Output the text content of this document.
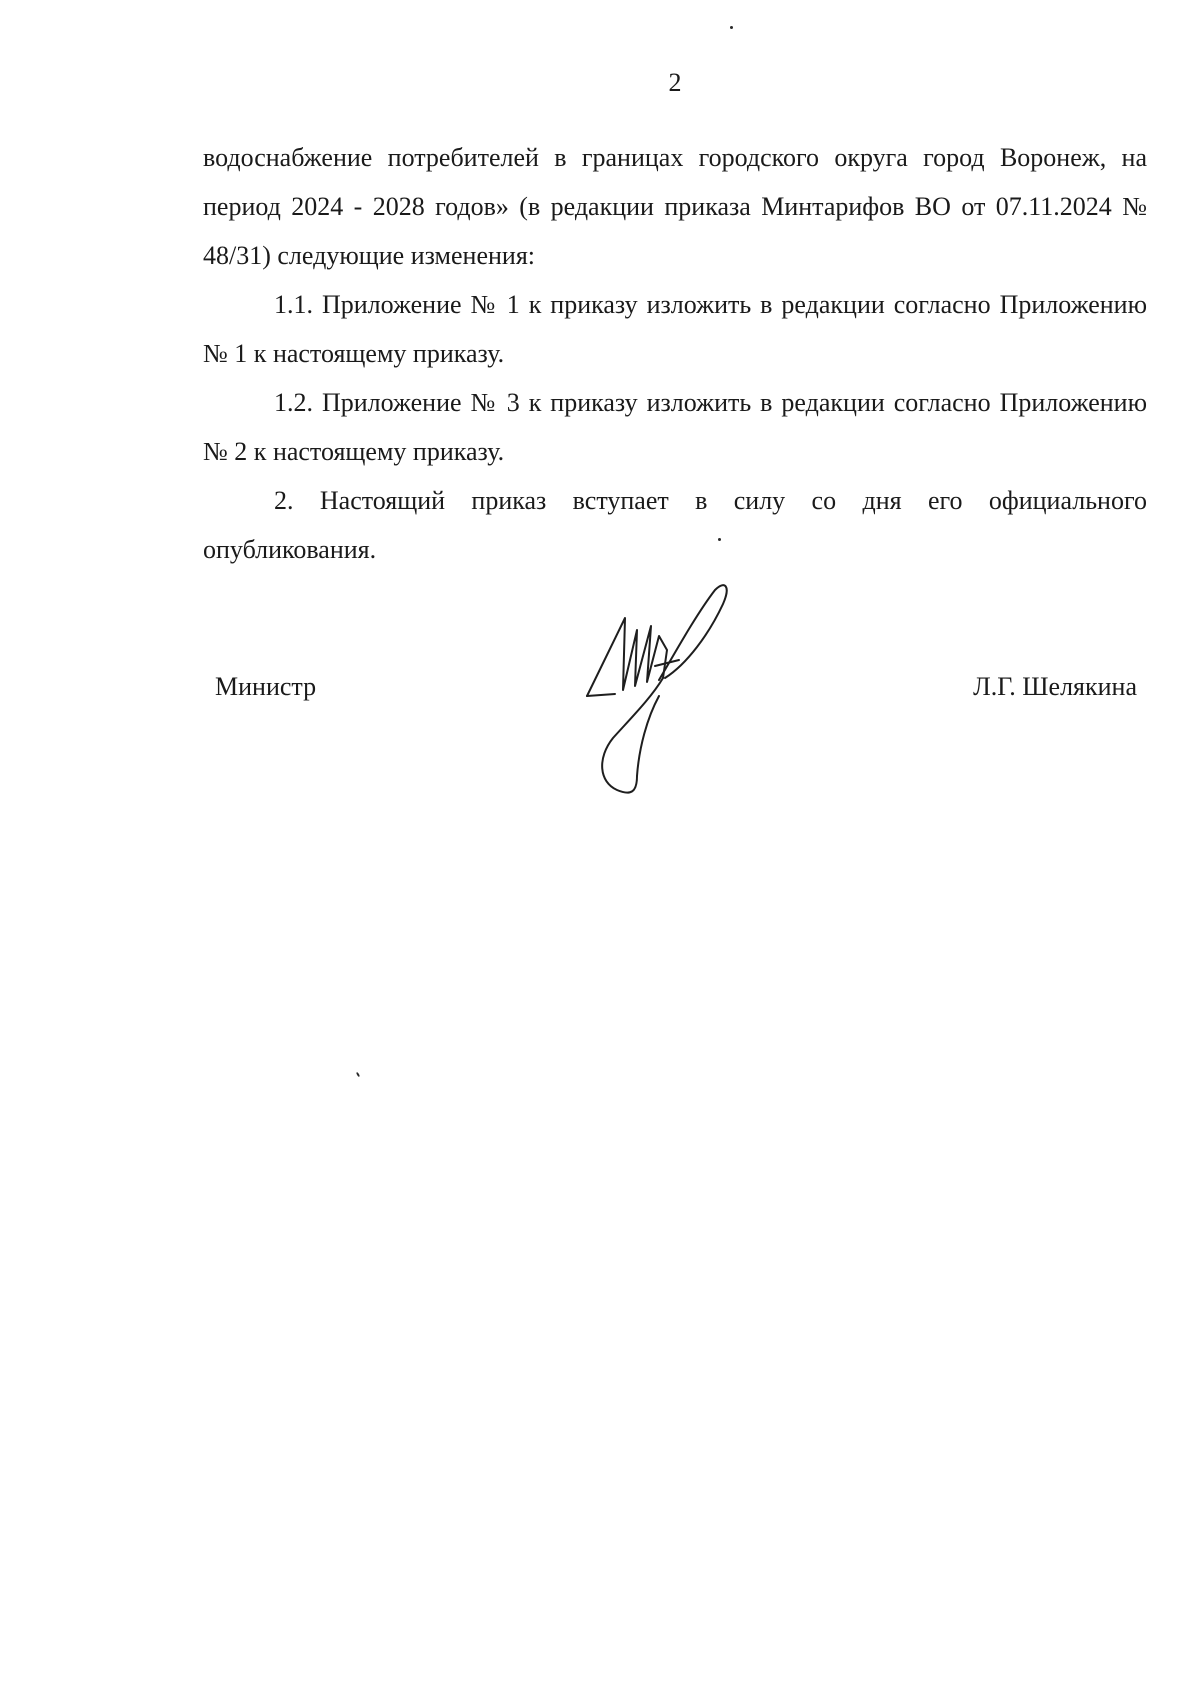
2

водоснабжение потребителей в границах городского округа город Воронеж, на период 2024 - 2028 годов» (в редакции приказа Минтарифов ВО от 07.11.2024 № 48/31) следующие изменения:

1.1. Приложение № 1 к приказу изложить в редакции согласно Приложению № 1 к настоящему приказу.

1.2. Приложение № 3 к приказу изложить в редакции согласно Приложению № 2 к настоящему приказу.

2. Настоящий приказ вступает в силу со дня его официального опубликования.

Министр	Л.Г. Шелякина
